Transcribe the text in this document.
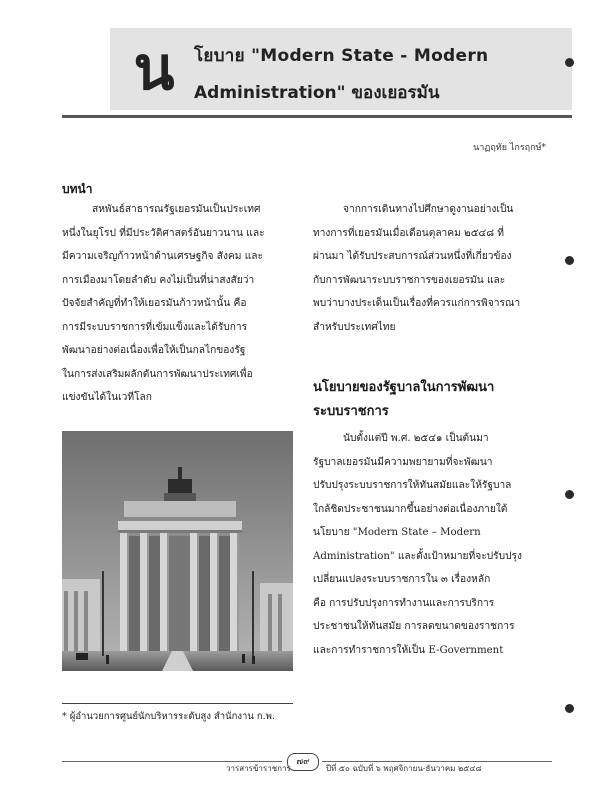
น	โยบาย "Modern State - Modern
Administration" ของเยอรมัน
นาฏฤทัย ไกรฤกษ์*
บทนำ

สหพันธ์สาธารณรัฐเยอรมันเป็นประเทศ

หนึ่งในยุโรป ที่มีประวัติศาสตร์อันยาวนาน และ

มีความเจริญก้าวหน้าด้านเศรษฐกิจ สังคม และ

การเมืองมาโดยลำดับ คงไม่เป็นที่น่าสงสัยว่า

ปัจจัยสำคัญที่ทำให้เยอรมันก้าวหน้านั้น คือ

การมีระบบราชการที่เข้มแข็งและได้รับการ

พัฒนาอย่างต่อเนื่องเพื่อให้เป็นกลไกของรัฐ

ในการส่งเสริมผลักดันการพัฒนาประเทศเพื่อ

แข่งขันได้ในเวทีโลก

จากการเดินทางไปศึกษาดูงานอย่างเป็น

ทางการที่เยอรมันเมื่อเดือนตุลาคม ๒๕๔๘ ที่

ผ่านมา ได้รับประสบการณ์ส่วนหนึ่งที่เกี่ยวข้อง

กับการพัฒนาระบบราชการของเยอรมัน และ

พบว่าบางประเด็นเป็นเรื่องที่ควรแก่การพิจารณา

สำหรับประเทศไทย

นโยบายของรัฐบาลในการพัฒนา
ระบบราชการ

นับตั้งแต่ปี พ.ศ. ๒๕๔๑ เป็นต้นมา

รัฐบาลเยอรมันมีความพยายามที่จะพัฒนา

ปรับปรุงระบบราชการให้ทันสมัยและให้รัฐบาล

ใกล้ชิดประชาชนมากขึ้นอย่างต่อเนื่องภายใต้

นโยบาย "Modern State – Modern

Administration" และตั้งเป้าหมายที่จะปรับปรุง

เปลี่ยนแปลงระบบราชการใน ๓ เรื่องหลัก

คือ การปรับปรุงการทำงานและการบริการ

ประชาชนให้ทันสมัย การลดขนาดของราชการ

และการทำราชการให้เป็น E-Government

* ผู้อำนวยการศูนย์นักบริหารระดับสูง สำนักงาน ก.พ.
๗๙
วารสารข้าราชการ	ปีที่ ๕๐ ฉบับที่ ๖ พฤศจิกายน-ธันวาคม ๒๕๔๘
